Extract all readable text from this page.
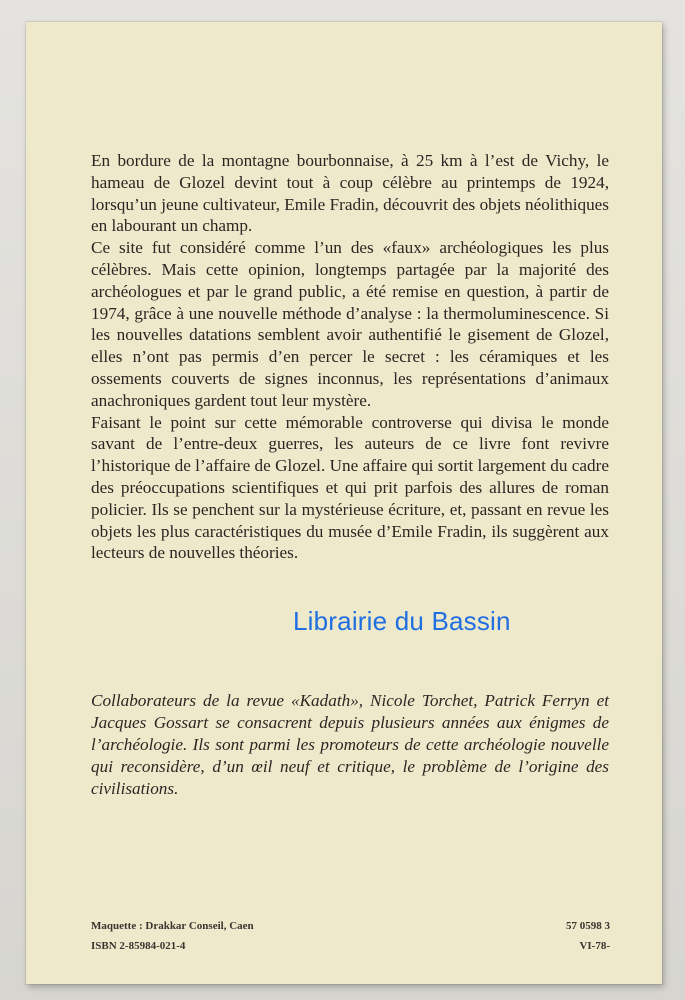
En bordure de la montagne bourbonnaise, à 25 km à l’est de Vichy, le hameau de Glozel devint tout à coup célèbre au printemps de 1924, lorsqu’un jeune cultivateur, Emile Fradin, découvrit des objets néolithiques en labourant un champ.

Ce site fut considéré comme l’un des «faux» archéologiques les plus célèbres. Mais cette opinion, longtemps partagée par la majorité des archéologues et par le grand public, a été remise en question, à partir de 1974, grâce à une nouvelle méthode d’analyse : la thermoluminescence. Si les nouvelles datations semblent avoir authentifié le gisement de Glozel, elles n’ont pas permis d’en percer le secret : les céramiques et les ossements couverts de signes inconnus, les représentations d’animaux anachroniques gardent tout leur mystère.

Faisant le point sur cette mémorable controverse qui divisa le monde savant de l’entre-deux guerres, les auteurs de ce livre font revivre l’historique de l’affaire de Glozel. Une affaire qui sortit largement du cadre des préoccupations scientifiques et qui prit parfois des allures de roman policier. Ils se penchent sur la mystérieuse écriture, et, passant en revue les objets les plus caractéristiques du musée d’Emile Fradin, ils suggèrent aux lecteurs de nouvelles théories.

Librairie du Bassin

Collaborateurs de la revue «Kadath», Nicole Torchet, Patrick Ferryn et Jacques Gossart se consacrent depuis plusieurs années aux énigmes de l’archéologie. Ils sont parmi les promoteurs de cette archéologie nouvelle qui reconsidère, d’un œil neuf et critique, le problème de l’origine des civilisations.

Maquette : Drakkar Conseil, Caen
ISBN 2-85984-021-4
57 0598 3
VI-78-
